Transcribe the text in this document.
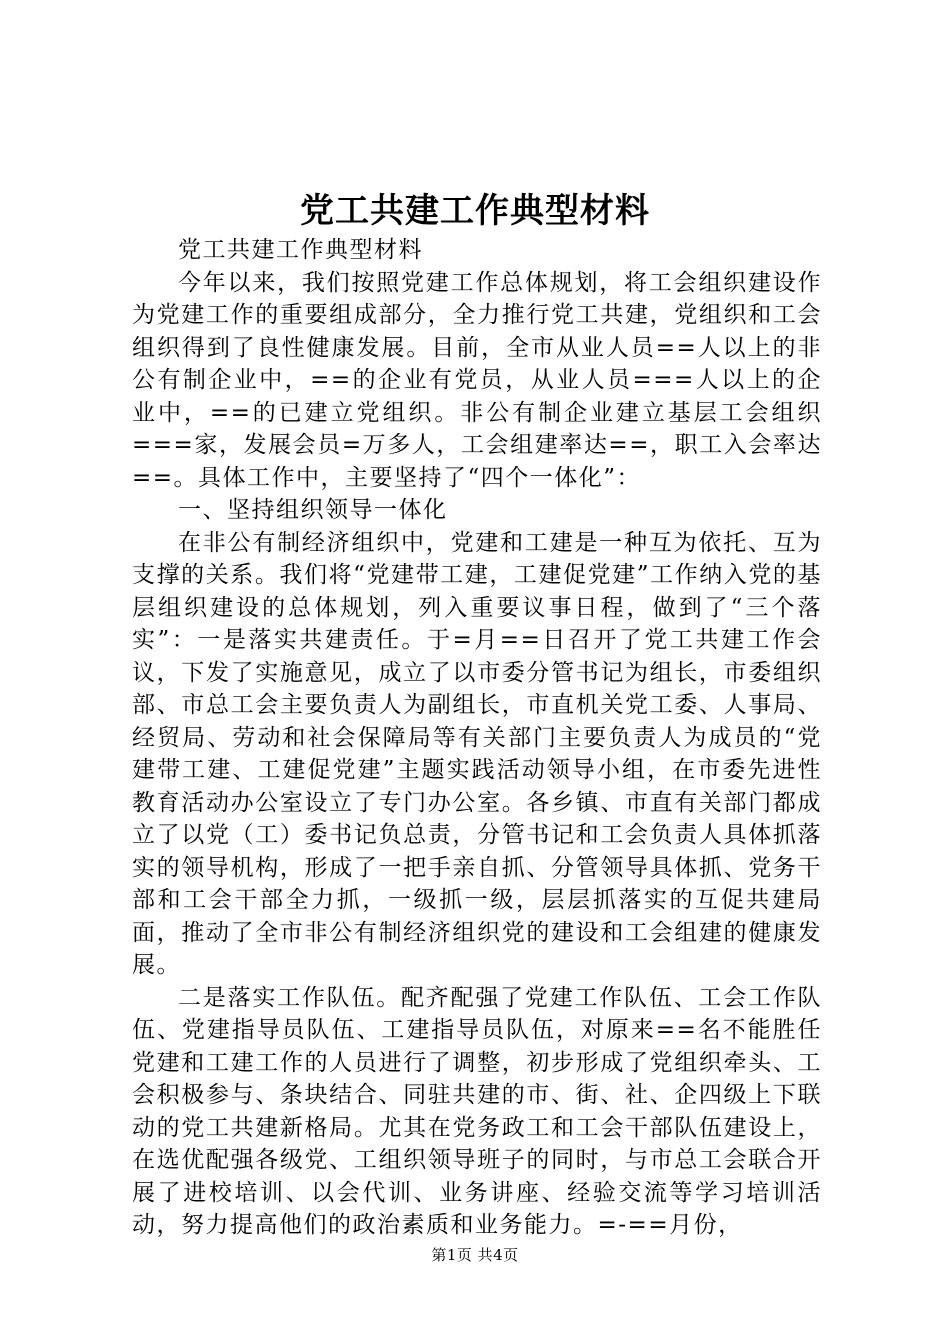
党工共建工作典型材料

党工共建工作典型材料

今年以来，我们按照党建工作总体规划，将工会组织建设作为党建工作的重要组成部分，全力推行党工共建，党组织和工会组织得到了良性健康发展。目前，全市从业人员==人以上的非公有制企业中，==的企业有党员，从业人员===人以上的企业中，==的已建立党组织。非公有制企业建立基层工会组织===家，发展会员=万多人，工会组建率达==，职工入会率达==。具体工作中，主要坚持了“四个一体化”：

一、坚持组织领导一体化

在非公有制经济组织中，党建和工建是一种互为依托、互为支撑的关系。我们将“党建带工建，工建促党建”工作纳入党的基层组织建设的总体规划，列入重要议事日程，做到了“三个落实”：一是落实共建责任。于=月==日召开了党工共建工作会议，下发了实施意见，成立了以市委分管书记为组长，市委组织部、市总工会主要负责人为副组长，市直机关党工委、人事局、经贸局、劳动和社会保障局等有关部门主要负责人为成员的“党建带工建、工建促党建”主题实践活动领导小组，在市委先进性教育活动办公室设立了专门办公室。各乡镇、市直有关部门都成立了以党（工）委书记负总责，分管书记和工会负责人具体抓落实的领导机构，形成了一把手亲自抓、分管领导具体抓、党务干部和工会干部全力抓，一级抓一级，层层抓落实的互促共建局面，推动了全市非公有制经济组织党的建设和工会组建的健康发展。

二是落实工作队伍。配齐配强了党建工作队伍、工会工作队伍、党建指导员队伍、工建指导员队伍，对原来==名不能胜任党建和工建工作的人员进行了调整，初步形成了党组织牵头、工会积极参与、条块结合、同驻共建的市、街、社、企四级上下联动的党工共建新格局。尤其在党务政工和工会干部队伍建设上，在选优配强各级党、工组织领导班子的同时，与市总工会联合开展了进校培训、以会代训、业务讲座、经验交流等学习培训活动，努力提高他们的政治素质和业务能力。=-==月份，

第1页 共4页
